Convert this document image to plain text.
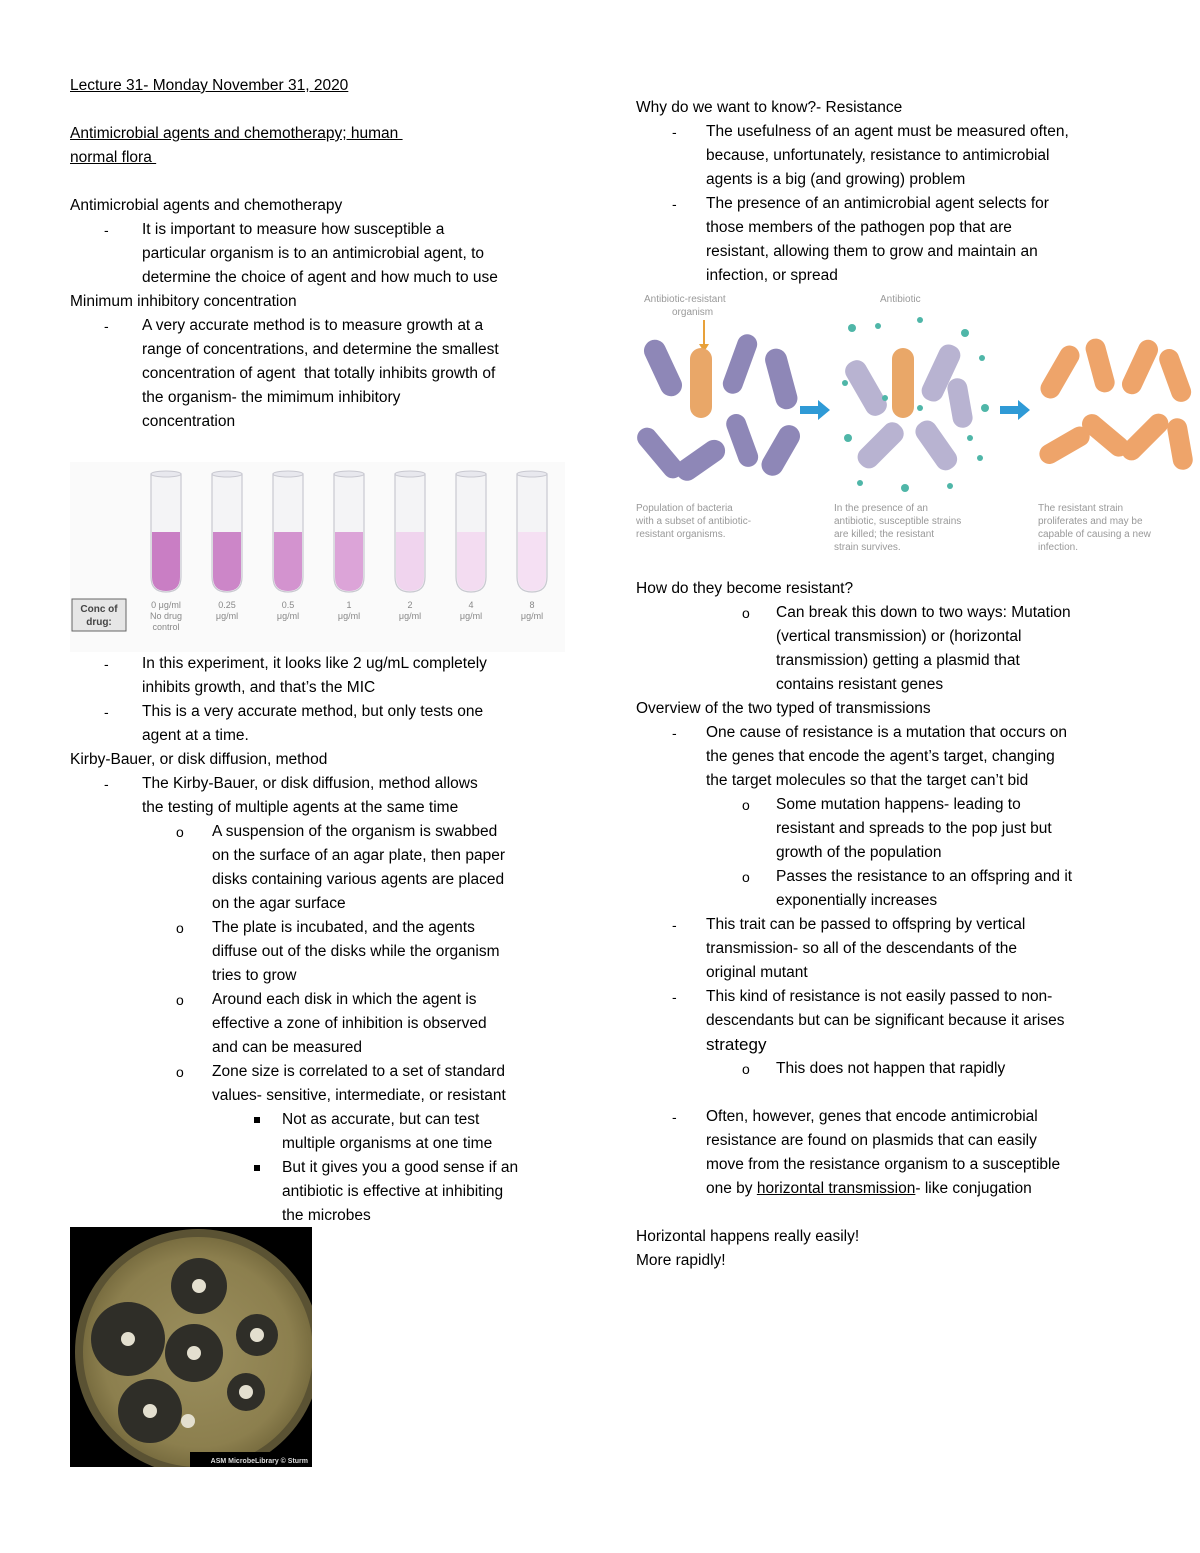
Lecture 31- Monday November 31, 2020
Antimicrobial agents and chemotherapy; human
normal flora
Antimicrobial agents and chemotherapy
- It is important to measure how susceptible a
particular organism is to an antimicrobial agent, to
determine the choice of agent and how much to use
Minimum inhibitory concentration
- A very accurate method is to measure growth at a
range of concentrations, and determine the smallest
concentration of agent  that totally inhibits growth of
the organism- the mimimum inhibitory
concentration
Conc of
drug:
0 μg/ml
No drug
control
0.25
μg/ml
0.5
μg/ml
1
μg/ml
2
μg/ml
4
μg/ml
8
μg/ml
- In this experiment, it looks like 2 ug/mL completely
inhibits growth, and that’s the MIC
- This is a very accurate method, but only tests one
agent at a time.
Kirby-Bauer, or disk diffusion, method
- The Kirby-Bauer, or disk diffusion, method allows
the testing of multiple agents at the same time
o A suspension of the organism is swabbed
on the surface of an agar plate, then paper
disks containing various agents are placed
on the agar surface
o The plate is incubated, and the agents
diffuse out of the disks while the organism
tries to grow
o Around each disk in which the agent is
effective a zone of inhibition is observed
and can be measured
o Zone size is correlated to a set of standard
values- sensitive, intermediate, or resistant
Not as accurate, but can test
multiple organisms at one time
But it gives you a good sense if an
antibiotic is effective at inhibiting
the microbes
ASM MicrobeLibrary © Sturm
Why do we want to know?- Resistance
- The usefulness of an agent must be measured often,
because, unfortunately, resistance to antimicrobial
agents is a big (and growing) problem
- The presence of an antimicrobial agent selects for
those members of the pathogen pop that are
resistant, allowing them to grow and maintain an
infection, or spread
Antibiotic-resistant
organism
Antibiotic
Population of bacteria
with a subset of antibiotic-
resistant organisms.
In the presence of an
antibiotic, susceptible strains
are killed; the resistant
strain survives.
The resistant strain
proliferates and may be
capable of causing a new
infection.
How do they become resistant?
o Can break this down to two ways: Mutation
(vertical transmission) or (horizontal
transmission) getting a plasmid that
contains resistant genes
Overview of the two typed of transmissions
- One cause of resistance is a mutation that occurs on
the genes that encode the agent’s target, changing
the target molecules so that the target can’t bid
o Some mutation happens- leading to
resistant and spreads to the pop just but
growth of the population
o Passes the resistance to an offspring and it
exponentially increases
- This trait can be passed to offspring by vertical
transmission- so all of the descendants of the
original mutant
- This kind of resistance is not easily passed to non-
descendants but can be significant because it arises
strategy
o This does not happen that rapidly
- Often, however, genes that encode antimicrobial
resistance are found on plasmids that can easily
move from the resistance organism to a susceptible
one by horizontal transmission- like conjugation
Horizontal happens really easily!
More rapidly!
